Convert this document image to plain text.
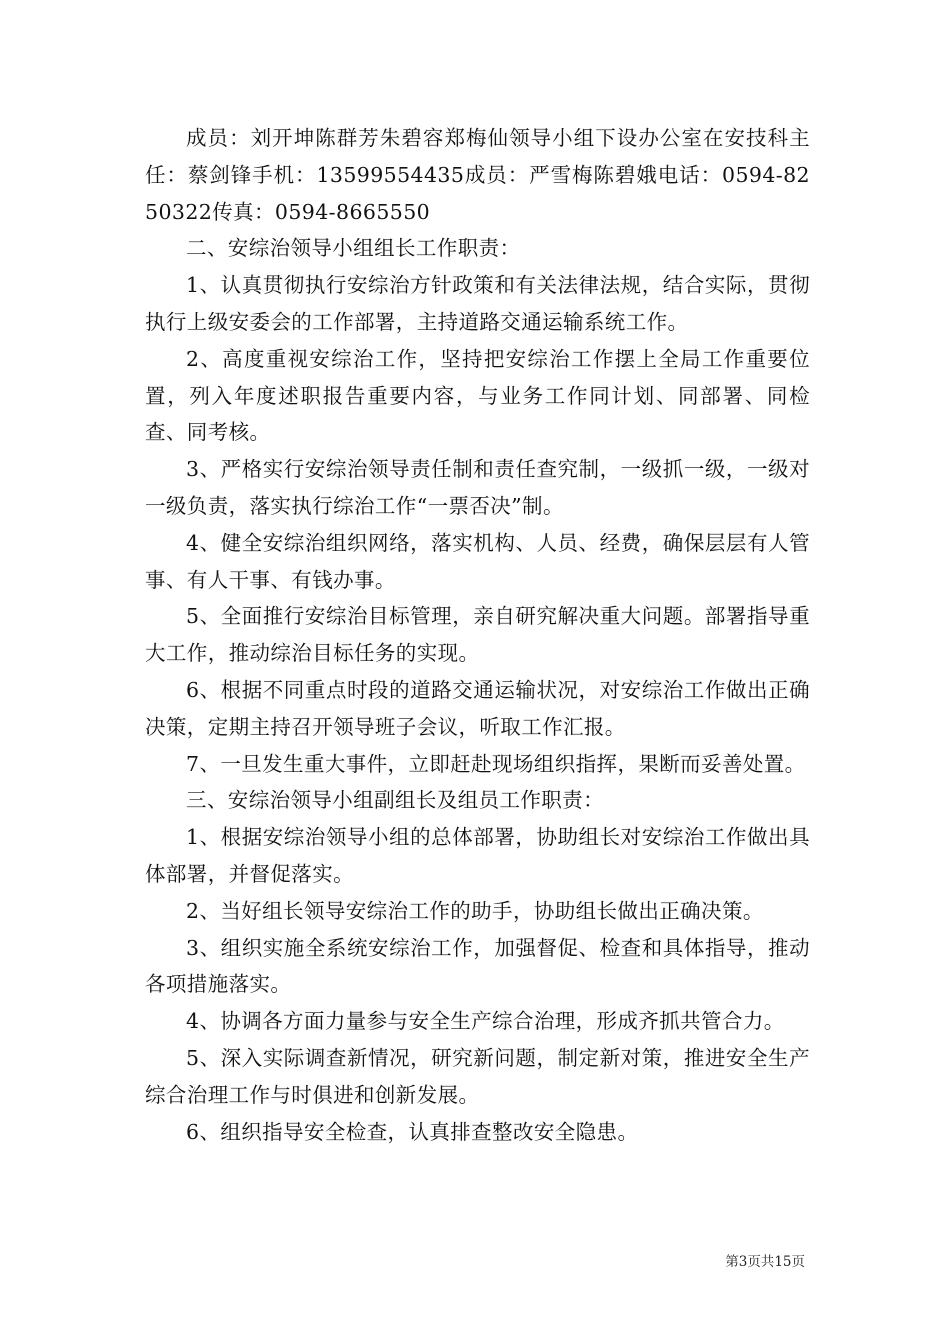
成员：刘开坤陈群芳朱碧容郑梅仙领导小组下设办公室在安技科主任：蔡剑锋手机：13599554435成员：严雪梅陈碧娥电话：0594-8250322传真：0594-8665550

二、安综治领导小组组长工作职责：

1、认真贯彻执行安综治方针政策和有关法律法规，结合实际，贯彻执行上级安委会的工作部署，主持道路交通运输系统工作。

2、高度重视安综治工作，坚持把安综治工作摆上全局工作重要位置，列入年度述职报告重要内容，与业务工作同计划、同部署、同检查、同考核。

3、严格实行安综治领导责任制和责任查究制，一级抓一级，一级对一级负责，落实执行综治工作“一票否决”制。

4、健全安综治组织网络，落实机构、人员、经费，确保层层有人管事、有人干事、有钱办事。

5、全面推行安综治目标管理，亲自研究解决重大问题。部署指导重大工作，推动综治目标任务的实现。

6、根据不同重点时段的道路交通运输状况，对安综治工作做出正确决策，定期主持召开领导班子会议，听取工作汇报。

7、一旦发生重大事件，立即赶赴现场组织指挥，果断而妥善处置。

三、安综治领导小组副组长及组员工作职责：

1、根据安综治领导小组的总体部署，协助组长对安综治工作做出具体部署，并督促落实。

2、当好组长领导安综治工作的助手，协助组长做出正确决策。

3、组织实施全系统安综治工作，加强督促、检查和具体指导，推动各项措施落实。

4、协调各方面力量参与安全生产综合治理，形成齐抓共管合力。

5、深入实际调查新情况，研究新问题，制定新对策，推进安全生产综合治理工作与时俱进和创新发展。

6、组织指导安全检查，认真排查整改安全隐患。

第3页共15页
